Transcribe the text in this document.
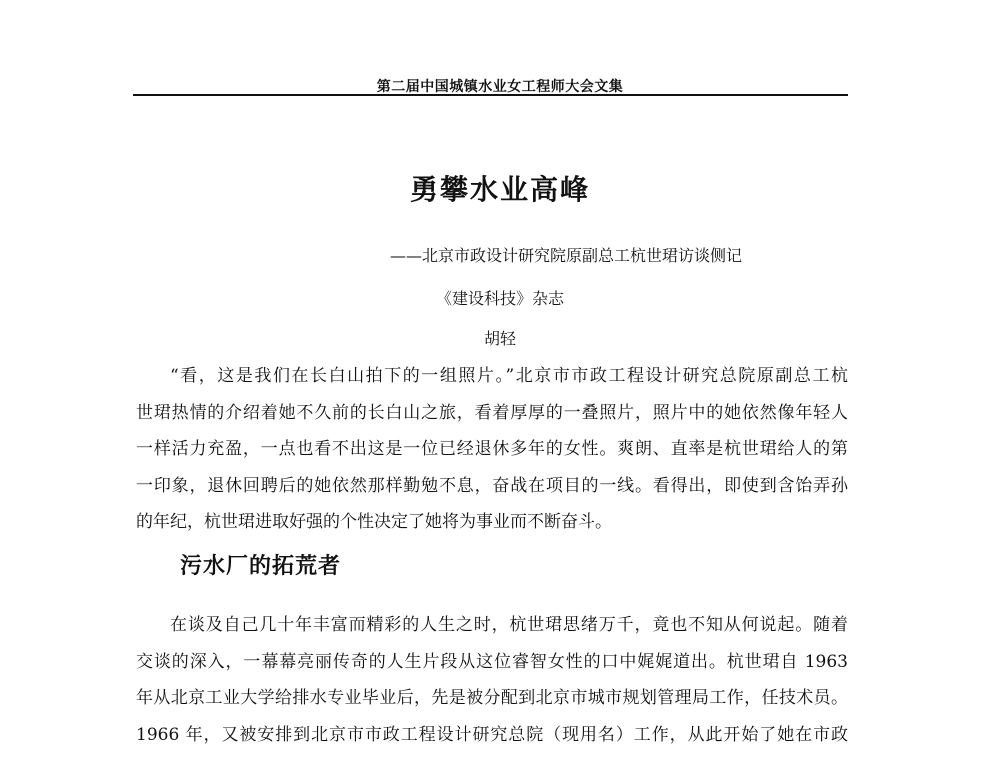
第二届中国城镇水业女工程师大会文集
勇攀水业高峰
——北京市政设计研究院原副总工杭世珺访谈侧记
《建设科技》杂志
胡轻

“看，这是我们在长白山拍下的一组照片。”北京市市政工程设计研究总院原副总工杭
世珺热情的介绍着她不久前的长白山之旅，看着厚厚的一叠照片，照片中的她依然像年轻人
一样活力充盈，一点也看不出这是一位已经退休多年的女性。爽朗、直率是杭世珺给人的第
一印象，退休回聘后的她依然那样勤勉不息，奋战在项目的一线。看得出，即使到含饴弄孙
的年纪，杭世珺进取好强的个性决定了她将为事业而不断奋斗。

污水厂的拓荒者

在谈及自己几十年丰富而精彩的人生之时，杭世珺思绪万千，竟也不知从何说起。随着
交谈的深入，一幕幕亮丽传奇的人生片段从这位睿智女性的口中娓娓道出。杭世珺自 1963
年从北京工业大学给排水专业毕业后，先是被分配到北京市城市规划管理局工作，任技术员。
1966 年，又被安排到北京市市政工程设计研究总院（现用名）工作，从此开始了她在市政
